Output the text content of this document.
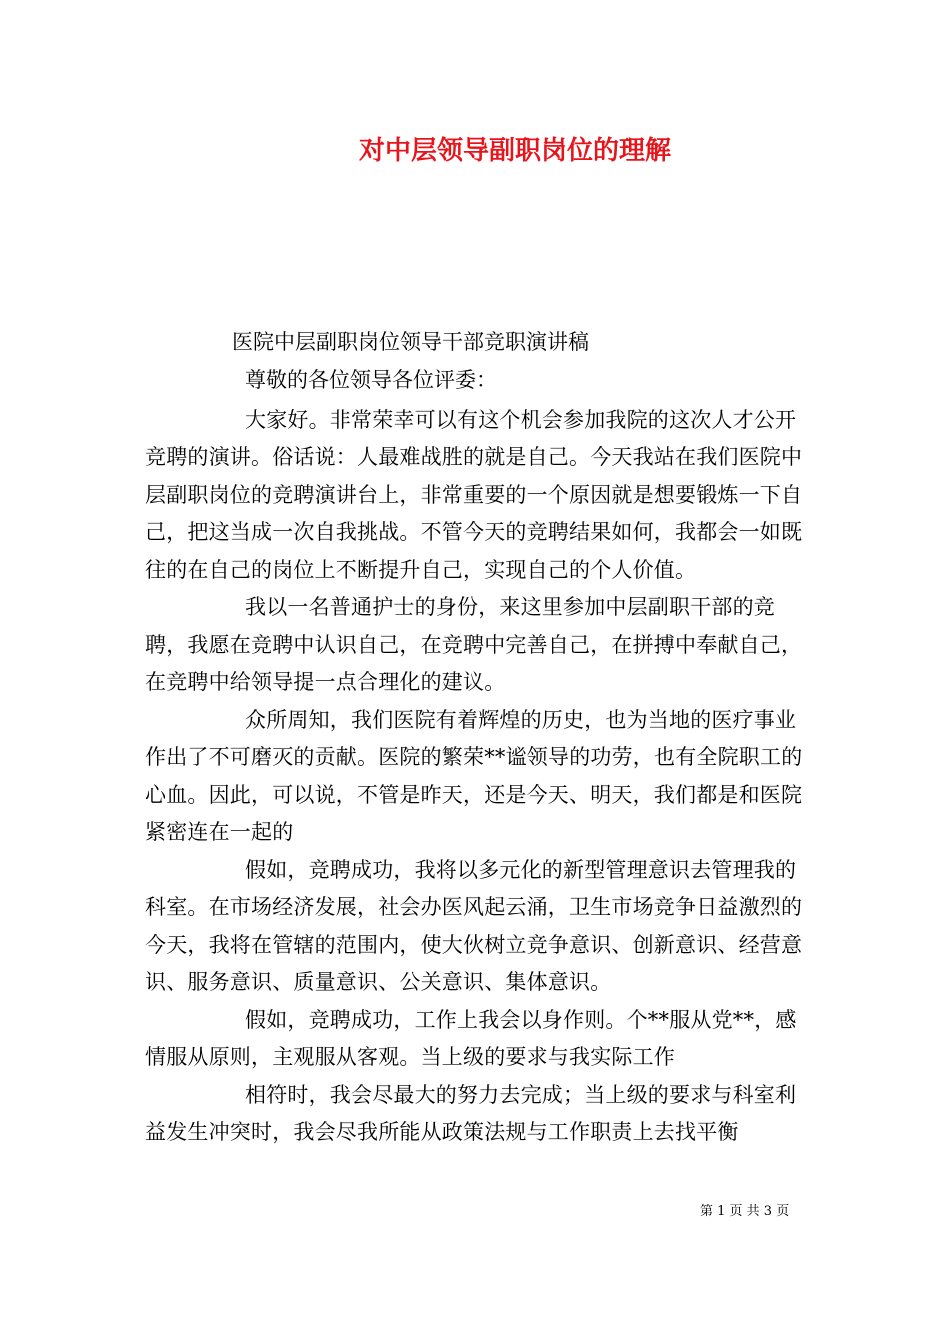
对中层领导副职岗位的理解
医院中层副职岗位领导干部竞职演讲稿

尊敬的各位领导各位评委：

大家好。非常荣幸可以有这个机会参加我院的这次人才公开竞聘的演讲。俗话说：人最难战胜的就是自己。今天我站在我们医院中层副职岗位的竞聘演讲台上，非常重要的一个原因就是想要锻炼一下自己，把这当成一次自我挑战。不管今天的竞聘结果如何，我都会一如既往的在自己的岗位上不断提升自己，实现自己的个人价值。

我以一名普通护士的身份，来这里参加中层副职干部的竞聘，我愿在竞聘中认识自己，在竞聘中完善自己，在拼搏中奉献自己，在竞聘中给领导提一点合理化的建议。

众所周知，我们医院有着辉煌的历史，也为当地的医疗事业作出了不可磨灭的贡献。医院的繁荣**谧领导的功劳，也有全院职工的心血。因此，可以说，不管是昨天，还是今天、明天，我们都是和医院紧密连在一起的

假如，竞聘成功，我将以多元化的新型管理意识去管理我的科室。在市场经济发展，社会办医风起云涌，卫生市场竞争日益激烈的今天，我将在管辖的范围内，使大伙树立竞争意识、创新意识、经营意识、服务意识、质量意识、公关意识、集体意识。

假如，竞聘成功，工作上我会以身作则。个**服从党**，感情服从原则，主观服从客观。当上级的要求与我实际工作

相符时，我会尽最大的努力去完成；当上级的要求与科室利益发生冲突时，我会尽我所能从政策法规与工作职责上去找平衡

第 1 页 共 3 页
